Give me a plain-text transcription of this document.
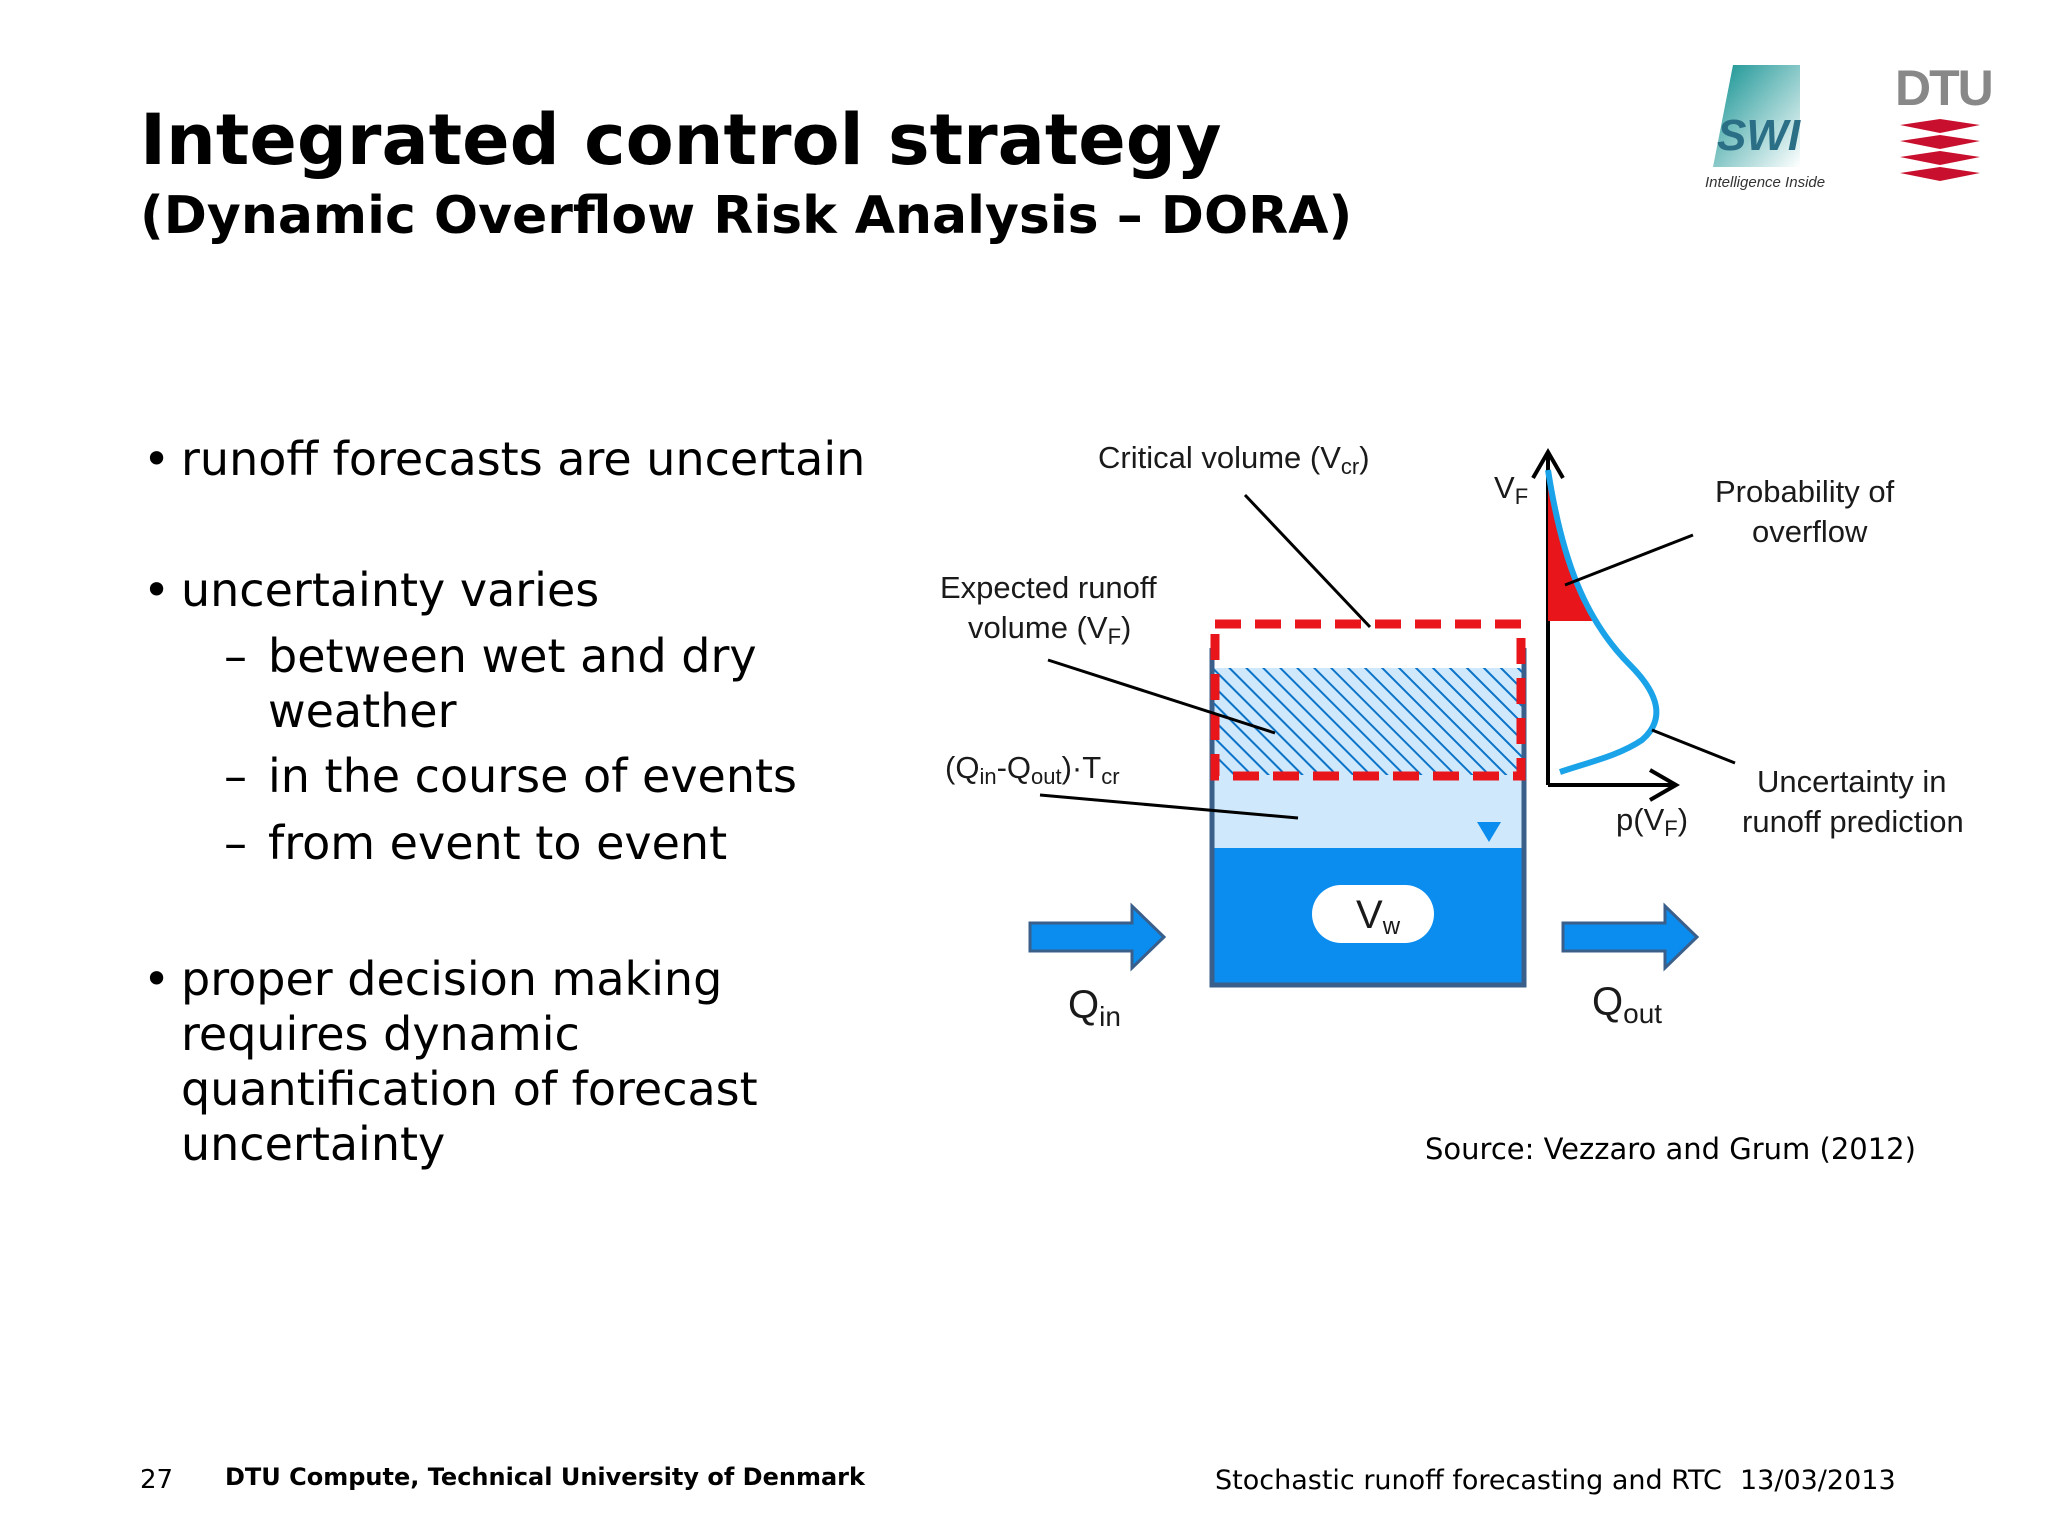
Integrated control strategy
(Dynamic Overflow Risk Analysis – DORA)
SWI
Intelligence Inside
DTU
• runoff forecasts are uncertain
• uncertainty varies
– between wet and dry
weather
– in the course of events
– from event to event
• proper decision making
requires dynamic
quantification of forecast
uncertainty
Vw
$Q_{in}$	$Q_{out}$
VF
p(VF)
Critical volume (Vcr)
Expected runoff
volume (VF)
(Qin-Qout)·Tcr
Probability of
overflow
Uncertainty in
runoff prediction
Source: Vezzaro and Grum (2012)
27 DTU Compute, Technical University of Denmark	Stochastic runoff forecasting and RTC 13/03/2013
